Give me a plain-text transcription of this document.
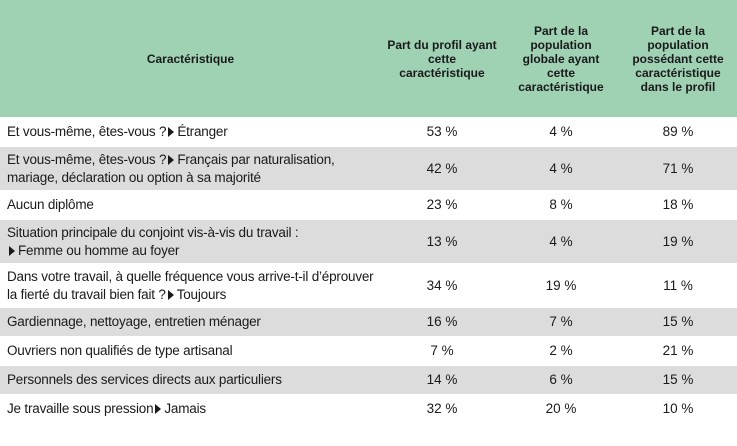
Caractéristique	Part du profil ayant cette caractéristique	Part de la population globale ayant cette caractéristique	Part de la population possédant cette caractéristique dans le profil
Et vous-même, êtes-vous ? Étranger	53 %	4 %	89 %
Et vous-même, êtes-vous ? Français par naturalisation, mariage, déclaration ou option à sa majorité	42 %	4 %	71 %
Aucun diplôme	23 %	8 %	18 %
Situation principale du conjoint vis-à-vis du travail :
Femme ou homme au foyer	13 %	4 %	19 %
Dans votre travail, à quelle fréquence vous arrive-t-il d’éprouver la fierté du travail bien fait ? Toujours	34 %	19 %	11 %
Gardiennage, nettoyage, entretien ménager	16 %	7 %	15 %
Ouvriers non qualifiés de type artisanal	7 %	2 %	21 %
Personnels des services directs aux particuliers	14 %	6 %	15 %
Je travaille sous pression Jamais	32 %	20 %	10 %
